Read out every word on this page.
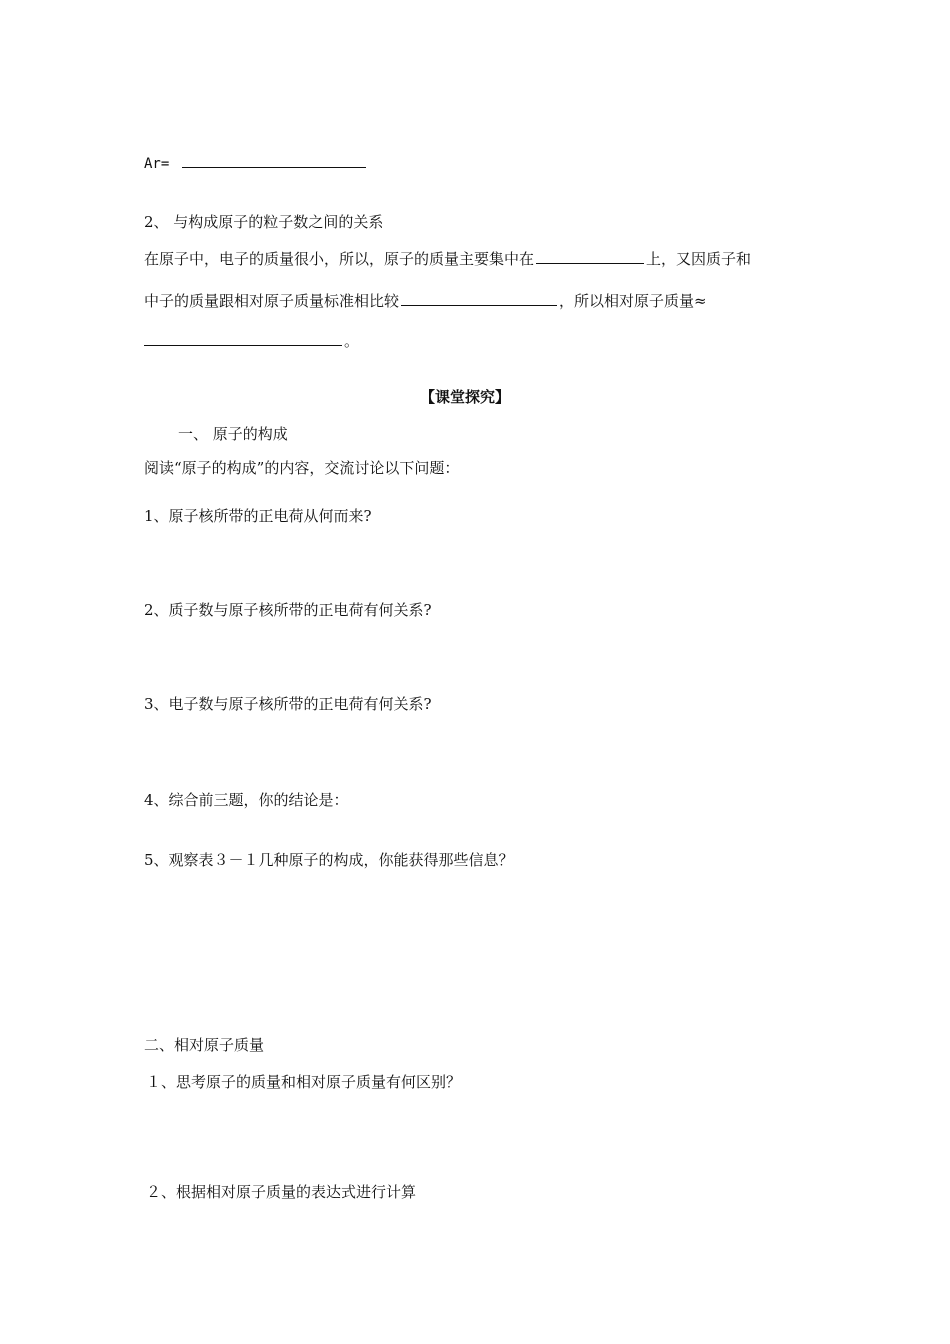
Ar=
2、 与构成原子的粒子数之间的关系
在原子中，电子的质量很小，所以，原子的质量主要集中在	上，又因质子和
中子的质量跟相对原子质量标准相比较	，所以相对原子质量≈
。
【课堂探究】
一、 原子的构成
阅读“原子的构成”的内容，交流讨论以下问题：
1、原子核所带的正电荷从何而来?
2、质子数与原子核所带的正电荷有何关系?
3、电子数与原子核所带的正电荷有何关系?
4、综合前三题，你的结论是：
5、观察表３－１几种原子的构成，你能获得那些信息？
二、相对原子质量
１、思考原子的质量和相对原子质量有何区别？
２、根据相对原子质量的表达式进行计算
